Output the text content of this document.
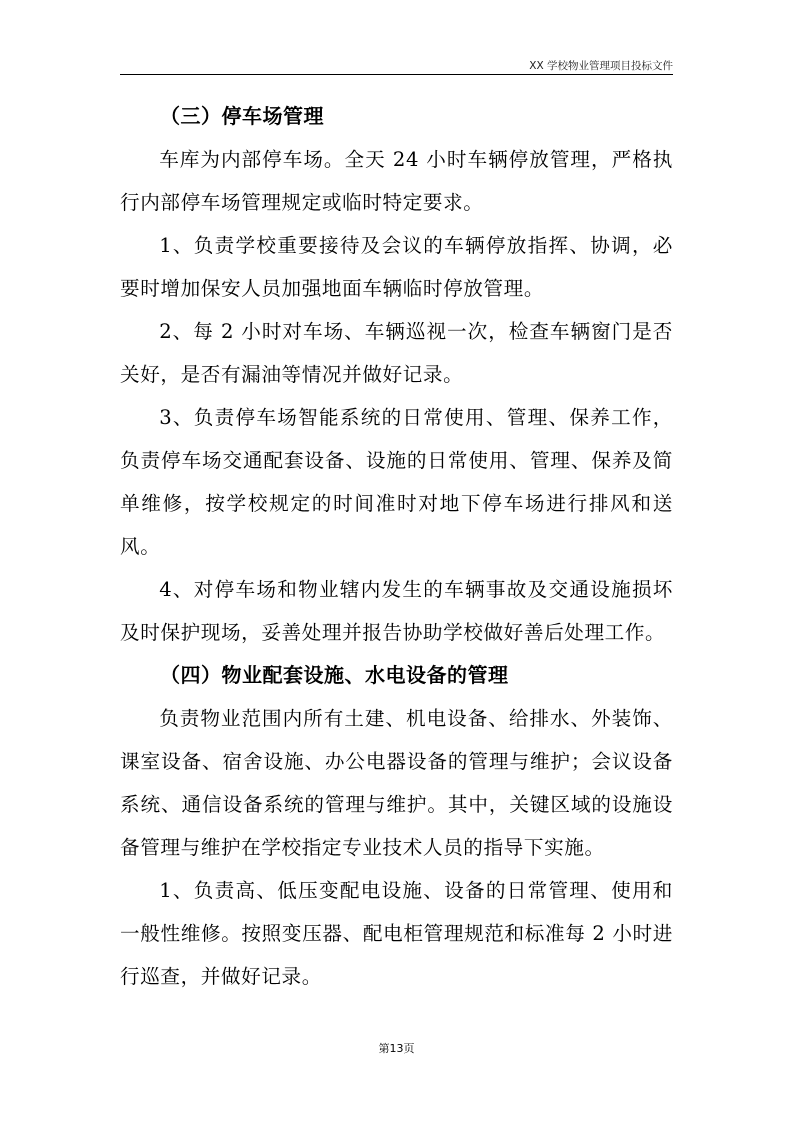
XX 学校物业管理项目投标文件
（三）停车场管理

车库为内部停车场。全天 24 小时车辆停放管理，严格执行内部停车场管理规定或临时特定要求。

1、负责学校重要接待及会议的车辆停放指挥、协调，必要时增加保安人员加强地面车辆临时停放管理。

2、每 2 小时对车场、车辆巡视一次，检查车辆窗门是否关好，是否有漏油等情况并做好记录。

3、负责停车场智能系统的日常使用、管理、保养工作，负责停车场交通配套设备、设施的日常使用、管理、保养及简单维修，按学校规定的时间准时对地下停车场进行排风和送风。

4、对停车场和物业辖内发生的车辆事故及交通设施损坏及时保护现场，妥善处理并报告协助学校做好善后处理工作。

（四）物业配套设施、水电设备的管理

负责物业范围内所有土建、机电设备、给排水、外装饰、课室设备、宿舍设施、办公电器设备的管理与维护；会议设备系统、通信设备系统的管理与维护。其中，关键区域的设施设备管理与维护在学校指定专业技术人员的指导下实施。

1、负责高、低压变配电设施、设备的日常管理、使用和一般性维修。按照变压器、配电柜管理规范和标准每 2 小时进行巡查，并做好记录。

第13页
